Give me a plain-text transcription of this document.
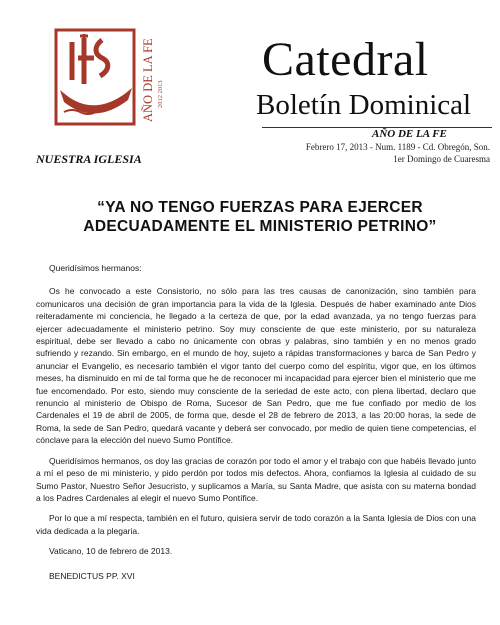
AÑO DE LA FE 2012 2013
Catedral
Boletín Dominical
AÑO DE LA FE
Febrero 17, 2013 - Num. 1189 - Cd. Obregón, Son.
1er Domingo de Cuaresma
NUESTRA IGLESIA
“YA NO TENGO FUERZAS PARA EJERCER
ADECUADAMENTE EL MINISTERIO PETRINO”

Queridísimos hermanos:

Os he convocado a este Consistorio, no sólo para las tres causas de canonización, sino también para comunicaros una decisión de gran importancia para la vida de la Iglesia. Después de haber examinado ante Dios reiteradamente mi conciencia, he llegado a la certeza de que, por la edad avanzada, ya no tengo fuerzas para ejercer adecuadamente el ministerio petrino. Soy muy consciente de que este ministerio, por su naturaleza espiritual, debe ser llevado a cabo no únicamente con obras y palabras, sino también y en no menos grado sufriendo y rezando. Sin embargo, en el mundo de hoy, sujeto a rápidas transformaciones y barca de San Pedro y anunciar el Evangelio, es necesario también el vigor tanto del cuerpo como del espíritu, vigor que, en los últimos meses, ha disminuido en mí de tal forma que he de reconocer mi incapacidad para ejercer bien el ministerio que me fue encomendado. Por esto, siendo muy consciente de la seriedad de este acto, con plena libertad, declaro que renuncio al ministerio de Obispo de Roma, Sucesor de San Pedro, que me fue confiado por medio de los Cardenales el 19 de abril de 2005, de forma que, desde el 28 de febrero de 2013, a las 20:00 horas, la sede de Roma, la sede de San Pedro, quedará vacante y deberá ser convocado, por medio de quien tiene competencias, el cónclave para la elección del nuevo Sumo Pontífice.

Queridísimos hermanos, os doy las gracias de corazón por todo el amor y el trabajo con que habéis llevado junto a mí el peso de mi ministerio, y pido perdón por todos mis defectos. Ahora, confiamos la Iglesia al cuidado de su Sumo Pastor, Nuestro Señor Jesucristo, y suplicamos a María, su Santa Madre, que asista con su materna bondad a los Padres Cardenales al elegir el nuevo Sumo Pontífice.

Por lo que a mí respecta, también en el futuro, quisiera servir de todo corazón a la Santa Iglesia de Dios con una vida dedicada a la plegaria.

Vaticano, 10 de febrero de 2013.

BENEDICTUS PP. XVI
